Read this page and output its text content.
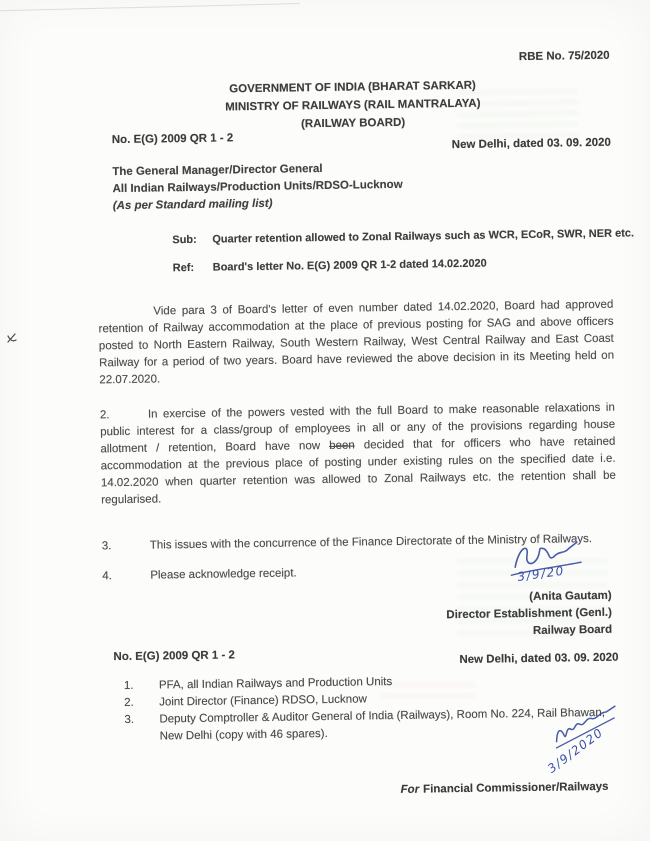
RBE No. 75/2020
GOVERNMENT OF INDIA (BHARAT SARKAR)
MINISTRY OF RAILWAYS (RAIL MANTRALAYA)
(RAILWAY BOARD)
No. E(G) 2009 QR 1 - 2	New Delhi, dated 03. 09. 2020
The General Manager/Director General
All Indian Railways/Production Units/RDSO-Lucknow
(As per Standard mailing list)
Sub:	Quarter retention allowed to Zonal Railways such as WCR, ECoR, SWR, NER etc.
Ref:	Board's letter No. E(G) 2009 QR 1-2 dated 14.02.2020
Vide para 3 of Board's letter of even number dated 14.02.2020, Board had approved retention of Railway accommodation at the place of previous posting for SAG and above officers posted to North Eastern Railway, South Western Railway, West Central Railway and East Coast Railway for a period of two years. Board have reviewed the above decision in its Meeting held on 22.07.2020.
2.	In exercise of the powers vested with the full Board to make reasonable relaxations in public interest for a class/group of employees in all or any of the provisions regarding house allotment / retention, Board have now been decided that for officers who have retained accommodation at the previous place of posting under existing rules on the specified date i.e. 14.02.2020 when quarter retention was allowed to Zonal Railways etc. the retention shall be regularised.
3.	This issues with the concurrence of the Finance Directorate of the Ministry of Railways.
4.	Please acknowledge receipt.	3/9/20
(Anita Gautam)
Director Establishment (Genl.)
Railway Board
No. E(G) 2009 QR 1 - 2	New Delhi, dated 03. 09. 2020
1. PFA, all Indian Railways and Production Units
2. Joint Director (Finance) RDSO, Lucknow
3. Deputy Comptroller & Auditor General of India (Railways), Room No. 224, Rail Bhawan, New Delhi (copy with 46 spares).	3/9/2020
For Financial Commissioner/Railways
